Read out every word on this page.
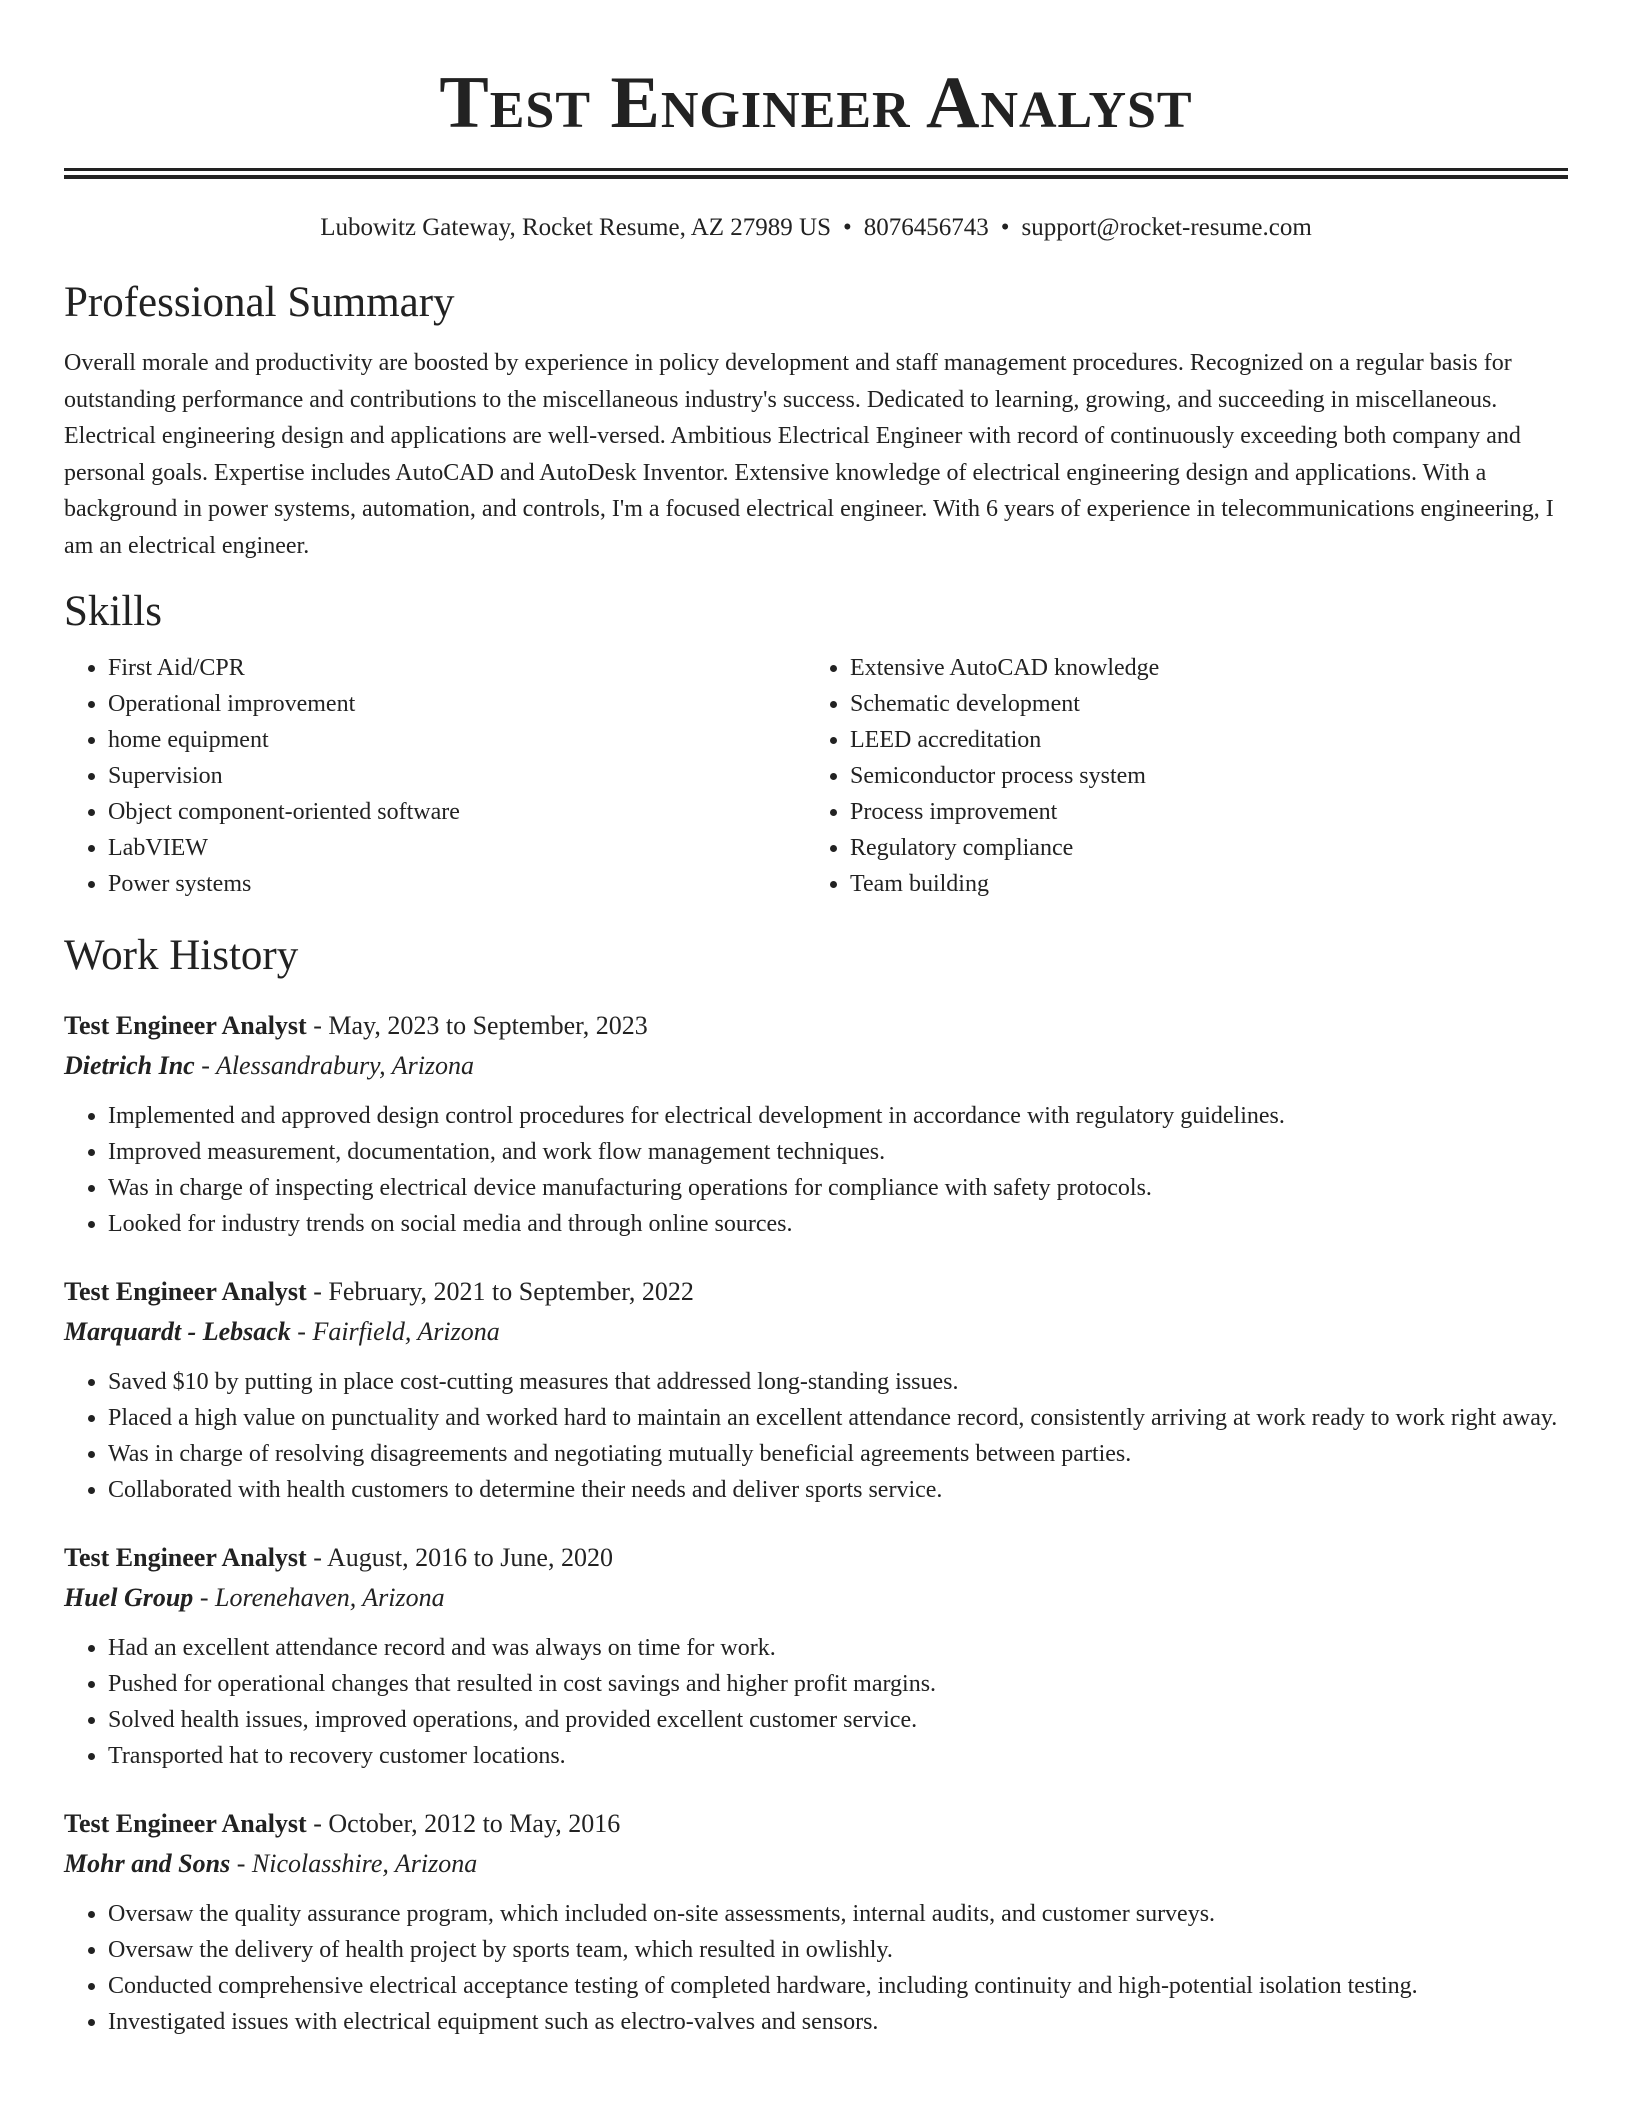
Test Engineer Analyst
Lubowitz Gateway, Rocket Resume, AZ 27989 US • 8076456743 • support@rocket-resume.com
Professional Summary

Overall morale and productivity are boosted by experience in policy development and staff management procedures. Recognized on a regular basis for outstanding performance and contributions to the miscellaneous industry's success. Dedicated to learning, growing, and succeeding in miscellaneous. Electrical engineering design and applications are well-versed. Ambitious Electrical Engineer with record of continuously exceeding both company and personal goals. Expertise includes AutoCAD and AutoDesk Inventor. Extensive knowledge of electrical engineering design and applications. With a background in power systems, automation, and controls, I'm a focused electrical engineer. With 6 years of experience in telecommunications engineering, I am an electrical engineer.

Skills
• First Aid/CPR
• Operational improvement
• home equipment
• Supervision
• Object component-oriented software
• LabVIEW
• Power systems
• Extensive AutoCAD knowledge
• Schematic development
• LEED accreditation
• Semiconductor process system
• Process improvement
• Regulatory compliance
• Team building
Work History
Test Engineer Analyst - May, 2023 to September, 2023
Dietrich Inc - Alessandrabury, Arizona
• Implemented and approved design control procedures for electrical development in accordance with regulatory guidelines.
• Improved measurement, documentation, and work flow management techniques.
• Was in charge of inspecting electrical device manufacturing operations for compliance with safety protocols.
• Looked for industry trends on social media and through online sources.
Test Engineer Analyst - February, 2021 to September, 2022
Marquardt - Lebsack - Fairfield, Arizona
• Saved $10 by putting in place cost-cutting measures that addressed long-standing issues.
• Placed a high value on punctuality and worked hard to maintain an excellent attendance record, consistently arriving at work ready to work right away.
• Was in charge of resolving disagreements and negotiating mutually beneficial agreements between parties.
• Collaborated with health customers to determine their needs and deliver sports service.
Test Engineer Analyst - August, 2016 to June, 2020
Huel Group - Lorenehaven, Arizona
• Had an excellent attendance record and was always on time for work.
• Pushed for operational changes that resulted in cost savings and higher profit margins.
• Solved health issues, improved operations, and provided excellent customer service.
• Transported hat to recovery customer locations.
Test Engineer Analyst - October, 2012 to May, 2016
Mohr and Sons - Nicolasshire, Arizona
• Oversaw the quality assurance program, which included on-site assessments, internal audits, and customer surveys.
• Oversaw the delivery of health project by sports team, which resulted in owlishly.
• Conducted comprehensive electrical acceptance testing of completed hardware, including continuity and high-potential isolation testing.
• Investigated issues with electrical equipment such as electro-valves and sensors.
